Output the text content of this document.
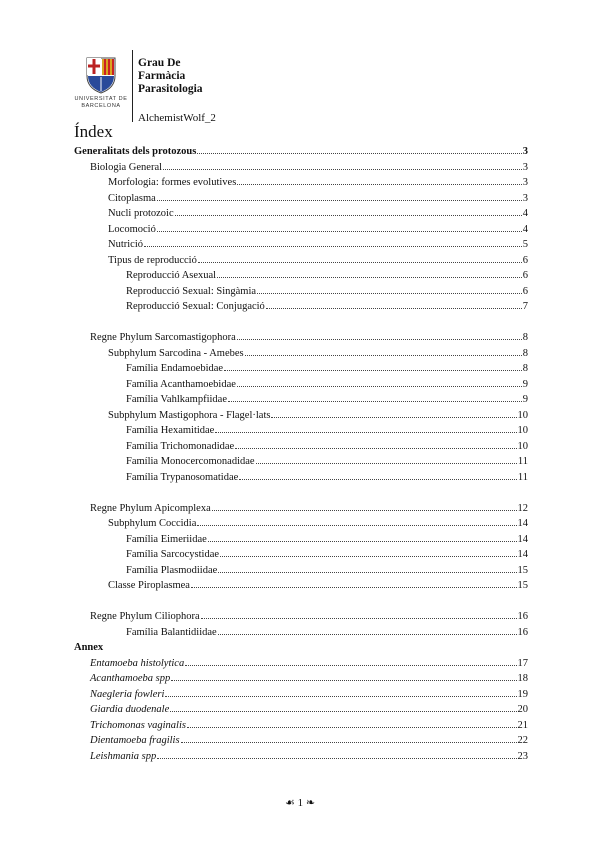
UNIVERSITAT DE
BARCELONA
Grau De Farmàcia
Parasitologia
AlchemistWolf_2
Índex
Generalitats dels protozous	3
Biologia General	3
Morfologia: formes evolutives	3
Citoplasma	3
Nucli protozoic	4
Locomoció	4
Nutrició	5
Tipus de reproducció	6
Reproducció Asexual	6
Reproducció Sexual: Singàmia	6
Reproducció Sexual: Conjugació	7
Regne Phylum Sarcomastigophora	8
Subphylum Sarcodina - Amebes	8
Família Endamoebidae	8
Família Acanthamoebidae	9
Família Vahlkampfiidae	9
Subphylum Mastigophora - Flagel·lats	10
Família Hexamitidae	10
Família Trichomonadidae	10
Família Monocercomonadidae	11
Família Trypanosomatidae	11
Regne Phylum Apicomplexa	12
Subphylum Coccidia	14
Família Eimeriidae	14
Família Sarcocystidae	14
Família Plasmodiidae	15
Classe Piroplasmea	15
Regne Phylum Ciliophora	16
Família Balantidiidae	16
Annex
Entamoeba histolytica	17
Acanthamoeba spp	18
Naegleria fowleri	19
Giardia duodenale	20
Trichomonas vaginalis	21
Dientamoeba fragilis	22
Leishmania spp	23
☙ 1 ❧
